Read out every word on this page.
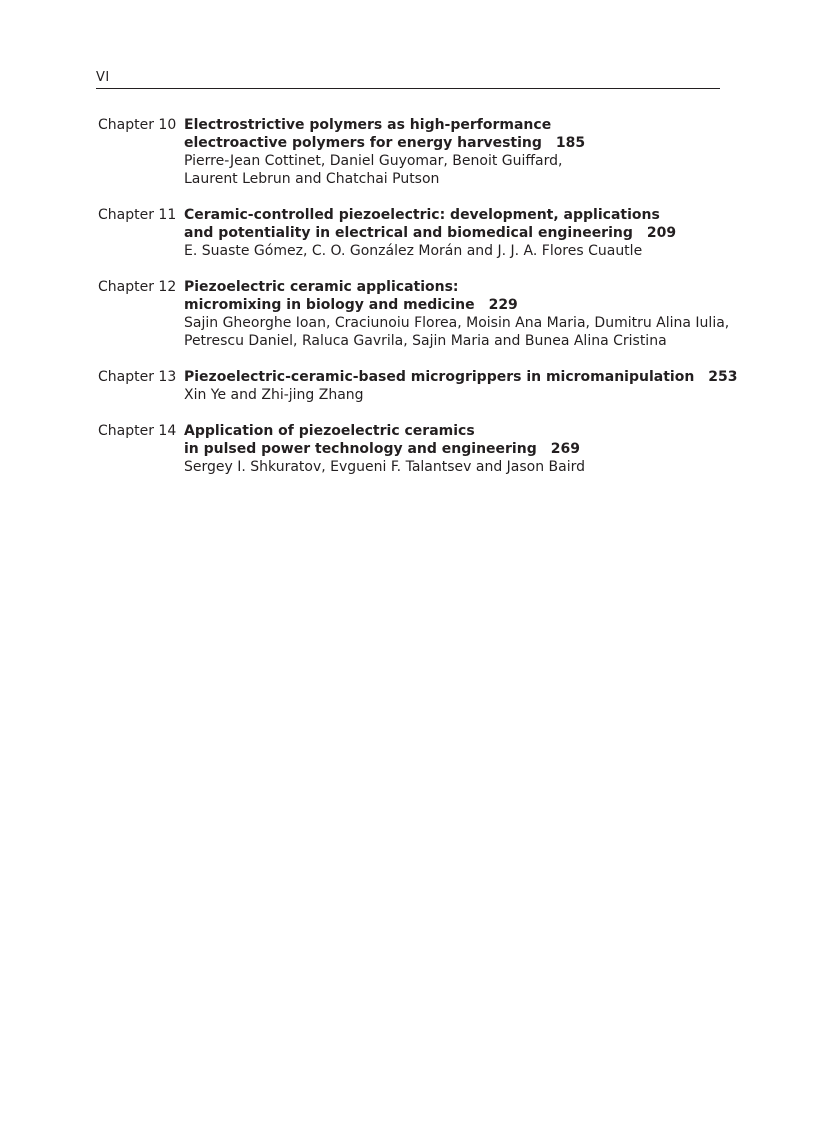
VI
Chapter 10 Electrostrictive polymers as high-performance
electroactive polymers for energy harvesting 185
Pierre-Jean Cottinet, Daniel Guyomar, Benoit Guiffard,
Laurent Lebrun and Chatchai Putson
Chapter 11 Ceramic-controlled piezoelectric: development, applications
and potentiality in electrical and biomedical engineering 209
E. Suaste Gómez, C. O. González Morán and J. J. A. Flores Cuautle
Chapter 12 Piezoelectric ceramic applications:
micromixing in biology and medicine 229
Sajin Gheorghe Ioan, Craciunoiu Florea, Moisin Ana Maria, Dumitru Alina Iulia,
Petrescu Daniel, Raluca Gavrila, Sajin Maria and Bunea Alina Cristina
Chapter 13 Piezoelectric-ceramic-based microgrippers in micromanipulation 253
Xin Ye and Zhi-jing Zhang
Chapter 14 Application of piezoelectric ceramics
in pulsed power technology and engineering 269
Sergey I. Shkuratov, Evgueni F. Talantsev and Jason Baird
